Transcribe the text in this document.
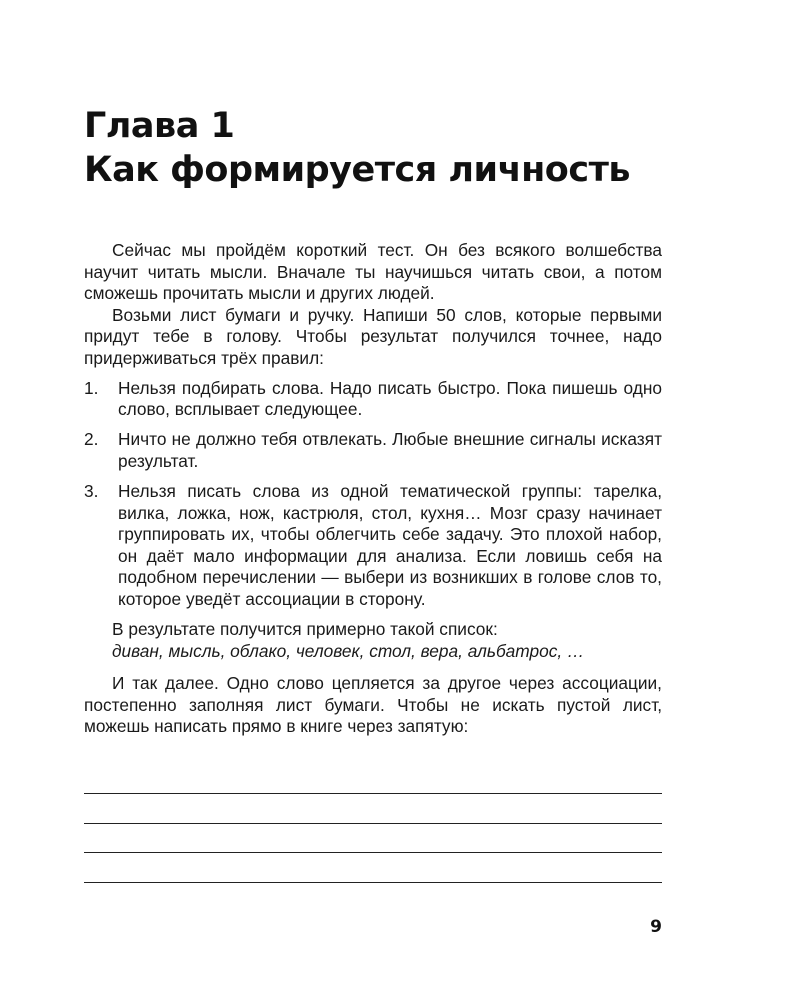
Глава 1
Как формируется личность

Сейчас мы пройдём короткий тест. Он без всякого волшебства научит читать мысли. Вначале ты научишься читать свои, а потом сможешь прочитать мысли и других людей.

Возьми лист бумаги и ручку. Напиши 50 слов, которые первыми придут тебе в голову. Чтобы результат получился точнее, надо придерживаться трёх правил:

1.	Нельзя подбирать слова. Надо писать быстро. Пока пишешь одно слово, всплывает следующее.
2.	Ничто не должно тебя отвлекать. Любые внешние сигналы исказят результат.
3.	Нельзя писать слова из одной тематической группы: тарелка, вилка, ложка, нож, кастрюля, стол, кухня… Мозг сразу начинает группировать их, чтобы облегчить себе задачу. Это плохой набор, он даёт мало информации для анализа. Если ловишь себя на подобном перечислении — выбери из возникших в голове слов то, которое уведёт ассоциации в сторону.

В результате получится примерно такой список:

диван, мысль, облако, человек, стол, вера, альбатрос, …

И так далее. Одно слово цепляется за другое через ассоциации, постепенно заполняя лист бумаги. Чтобы не искать пустой лист, можешь написать прямо в книге через запятую:

9
